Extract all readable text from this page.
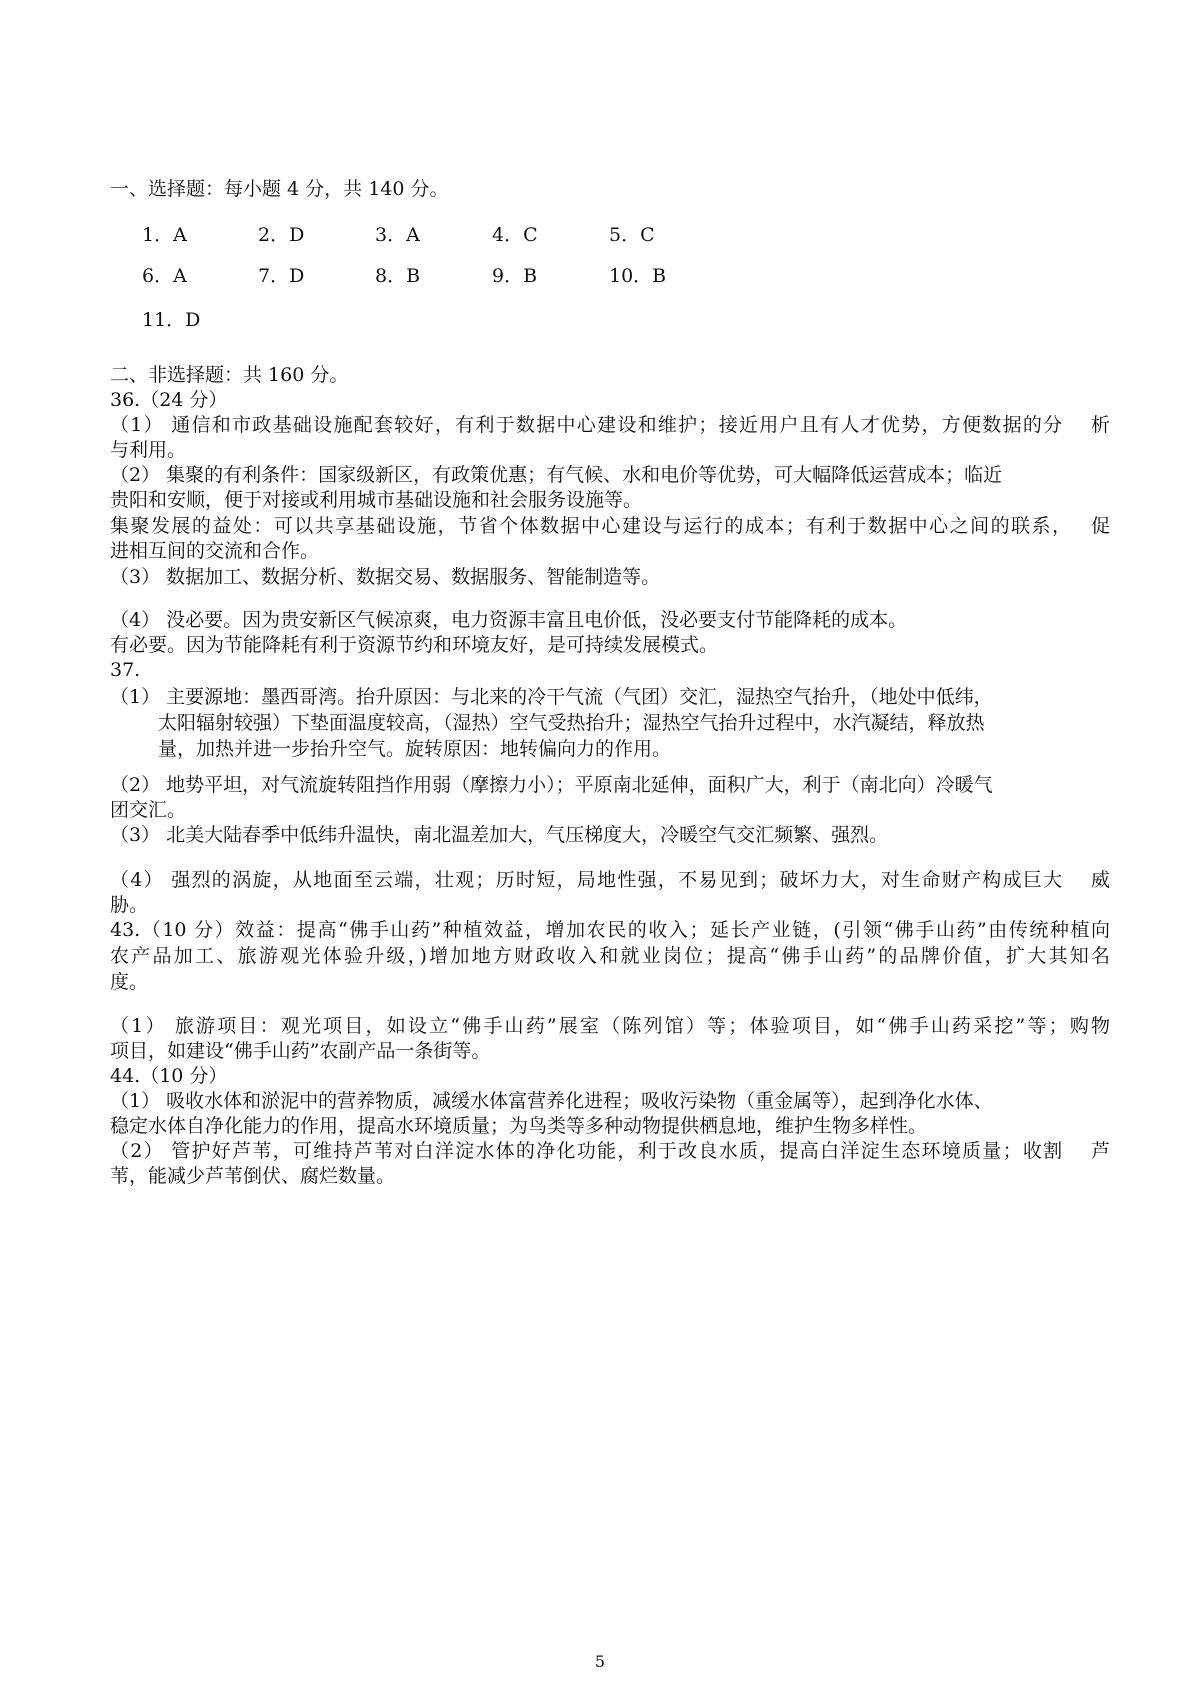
一、选择题：每小题 4 分，共 140 分。
1．A	2．D	3．A	4．C	5．C
6．A	7．D	8．B	9．B	10．B
11．D
二、非选择题：共 160 分。
36.（24 分）
（1） 通信和市政基础设施配套较好，有利于数据中心建设和维护；接近用户且有人才优势，方便数据的分　 析
与利用。
（2） 集聚的有利条件：国家级新区，有政策优惠；有气候、水和电价等优势，可大幅降低运营成本；临近
贵阳和安顺，便于对接或利用城市基础设施和社会服务设施等。
集聚发展的益处：可以共享基础设施，节省个体数据中心建设与运行的成本；有利于数据中心之间的联系，　 促
进相互间的交流和合作。
（3） 数据加工、数据分析、数据交易、数据服务、智能制造等。
（4） 没必要。因为贵安新区气候凉爽，电力资源丰富且电价低，没必要支付节能降耗的成本。
有必要。因为节能降耗有利于资源节约和环境友好，是可持续发展模式。
37.
（1） 主要源地：墨西哥湾。抬升原因：与北来的冷干气流（气团）交汇，湿热空气抬升，（地处中低纬，
太阳辐射较强）下垫面温度较高，（湿热）空气受热抬升；湿热空气抬升过程中，水汽凝结，释放热
量，加热并进一步抬升空气。旋转原因：地转偏向力的作用。
（2） 地势平坦，对气流旋转阻挡作用弱（摩擦力小）；平原南北延伸，面积广大，利于（南北向）冷暖气
团交汇。
（3） 北美大陆春季中低纬升温快，南北温差加大，气压梯度大，冷暖空气交汇频繁、强烈。
（4） 强烈的涡旋，从地面至云端，壮观；历时短，局地性强，不易见到；破坏力大，对生命财产构成巨大　 威
胁。
43.（10 分）效益：提高“佛手山药”种植效益，增加农民的收入；延长产业链，(引领“佛手山药”由传统种植向
农产品加工、旅游观光体验升级，)增加地方财政收入和就业岗位；提高“佛手山药”的品牌价值，扩大其知名
度。
（1） 旅游项目：观光项目，如设立“佛手山药”展室（陈列馆）等；体验项目，如“佛手山药采挖”等；购物
项目，如建设“佛手山药”农副产品一条街等。
44.（10 分）
（1） 吸收水体和淤泥中的营养物质，减缓水体富营养化进程；吸收污染物（重金属等），起到净化水体、
稳定水体自净化能力的作用，提高水环境质量；为鸟类等多种动物提供栖息地，维护生物多样性。
（2） 管护好芦苇，可维持芦苇对白洋淀水体的净化功能，利于改良水质，提高白洋淀生态环境质量；收割　 芦
苇，能减少芦苇倒伏、腐烂数量。
5
